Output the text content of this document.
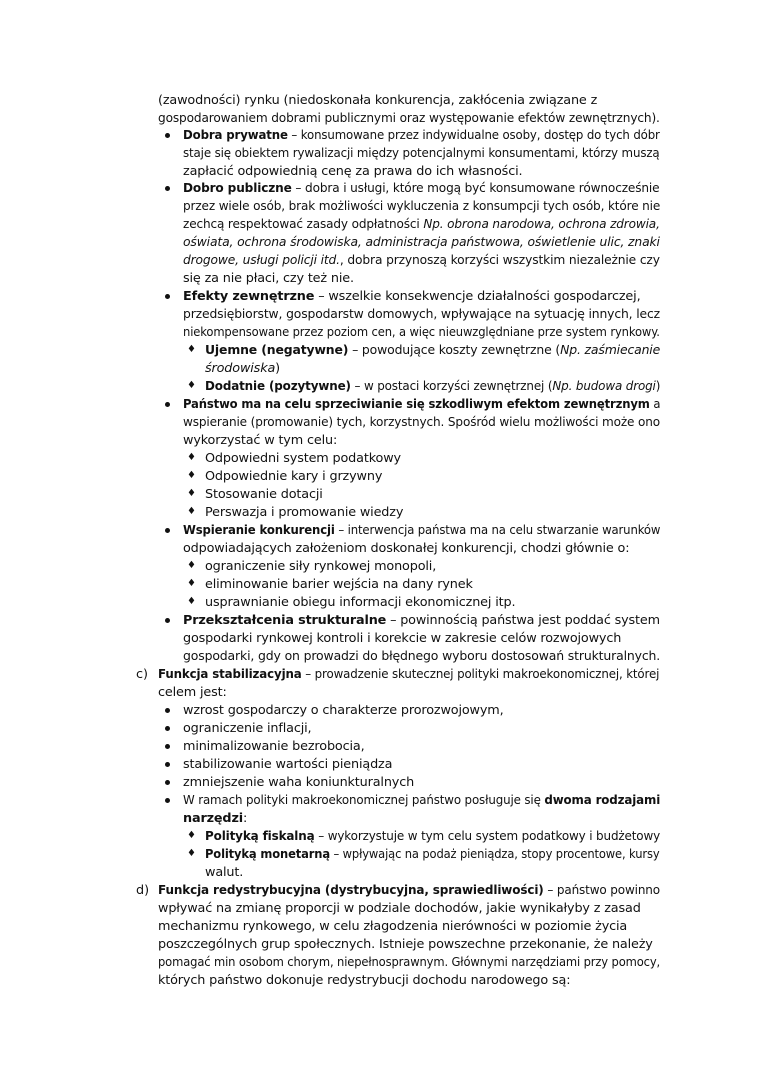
(zawodności) rynku (niedoskonała konkurencja, zakłócenia związane z
gospodarowaniem dobrami publicznymi oraz występowanie efektów zewnętrznych).
Dobra prywatne – konsumowane przez indywidualne osoby, dostęp do tych dóbr
staje się obiektem rywalizacji między potencjalnymi konsumentami, którzy muszą
zapłacić odpowiednią cenę za prawa do ich własności.
Dobro publiczne – dobra i usługi, które mogą być konsumowane równocześnie
przez wiele osób, brak możliwości wykluczenia z konsumpcji tych osób, które nie
zechcą respektować zasady odpłatności Np. obrona narodowa, ochrona zdrowia,
oświata, ochrona środowiska, administracja państwowa, oświetlenie ulic, znaki
drogowe, usługi policji itd., dobra przynoszą korzyści wszystkim niezależnie czy
się za nie płaci, czy też nie.
Efekty zewnętrzne – wszelkie konsekwencje działalności gospodarczej,
przedsiębiorstw, gospodarstw domowych, wpływające na sytuację innych, lecz
niekompensowane przez poziom cen, a więc nieuwzględniane prze system rynkowy.
♦ Ujemne (negatywne) – powodujące koszty zewnętrzne (Np. zaśmiecanie
środowiska)
♦ Dodatnie (pozytywne) – w postaci korzyści zewnętrznej (Np. budowa drogi)
Państwo ma na celu sprzeciwianie się szkodliwym efektom zewnętrznym a
wspieranie (promowanie) tych, korzystnych. Spośród wielu możliwości może ono
wykorzystać w tym celu:
♦ Odpowiedni system podatkowy
♦ Odpowiednie kary i grzywny
♦ Stosowanie dotacji
♦ Perswazja i promowanie wiedzy
Wspieranie konkurencji – interwencja państwa ma na celu stwarzanie warunków
odpowiadających założeniom doskonałej konkurencji, chodzi głównie o:
♦ ograniczenie siły rynkowej monopoli,
♦ eliminowanie barier wejścia na dany rynek
♦ usprawnianie obiegu informacji ekonomicznej itp.
Przekształcenia strukturalne – powinnością państwa jest poddać system
gospodarki rynkowej kontroli i korekcie w zakresie celów rozwojowych
gospodarki, gdy on prowadzi do błędnego wyboru dostosowań strukturalnych.
c) Funkcja stabilizacyjna – prowadzenie skutecznej polityki makroekonomicznej, której
celem jest:
wzrost gospodarczy o charakterze prorozwojowym,
ograniczenie inflacji,
minimalizowanie bezrobocia,
stabilizowanie wartości pieniądza
zmniejszenie waha koniunkturalnych
W ramach polityki makroekonomicznej państwo posługuje się dwoma rodzajami
narzędzi:
♦ Polityką fiskalną – wykorzystuje w tym celu system podatkowy i budżetowy
♦ Polityką monetarną – wpływając na podaż pieniądza, stopy procentowe, kursy
walut.
d) Funkcja redystrybucyjna (dystrybucyjna, sprawiedliwości) – państwo powinno
wpływać na zmianę proporcji w podziale dochodów, jakie wynikałyby z zasad
mechanizmu rynkowego, w celu złagodzenia nierówności w poziomie życia
poszczególnych grup społecznych. Istnieje powszechne przekonanie, że należy
pomagać min osobom chorym, niepełnosprawnym. Głównymi narzędziami przy pomocy,
których państwo dokonuje redystrybucji dochodu narodowego są:
